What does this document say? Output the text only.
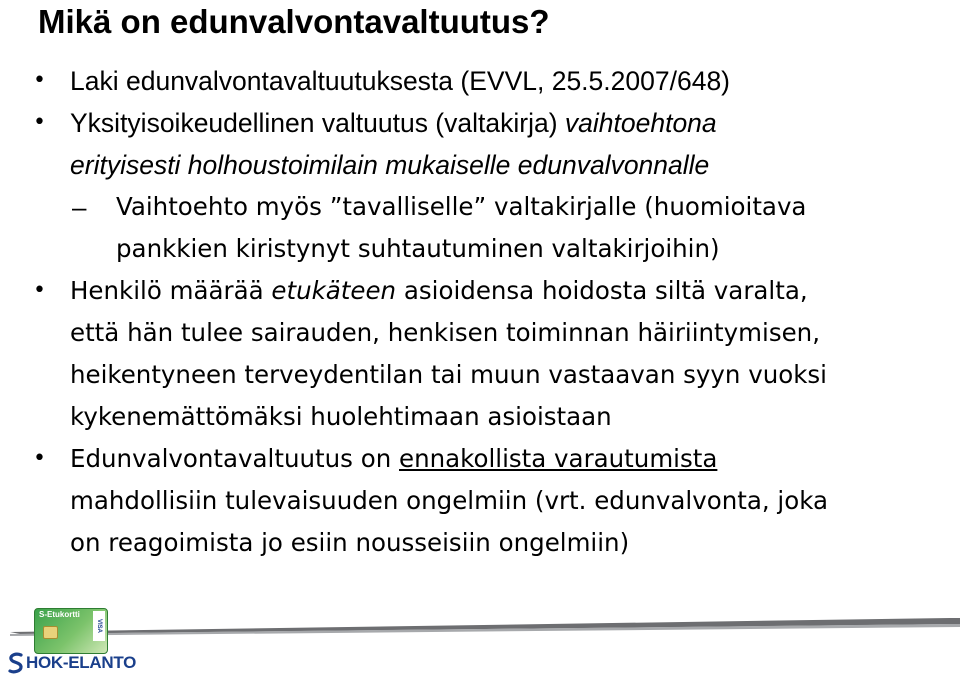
Mikä on edunvalvontavaltuutus?
• Laki edunvalvontavaltuutuksesta (EVVL, 25.5.2007/648)
• Yksityisoikeudellinen valtuutus (valtakirja) vaihtoehtona
erityisesti holhoustoimilain mukaiselle edunvalvonnalle
– Vaihtoehto myös ”tavalliselle” valtakirjalle (huomioitava
pankkien kiristynyt suhtautuminen valtakirjoihin)
• Henkilö määrää etukäteen asioidensa hoidosta siltä varalta,
että hän tulee sairauden, henkisen toiminnan häiriintymisen,
heikentyneen terveydentilan tai muun vastaavan syyn vuoksi
kykenemättömäksi huolehtimaan asioistaan
• Edunvalvontavaltuutus on ennakollista varautumista
mahdollisiin tulevaisuuden ongelmiin (vrt. edunvalvonta, joka
on reagoimista jo esiin nousseisiin ongelmiin)
S-Etukortti
VISA
HOK-ELANTO
